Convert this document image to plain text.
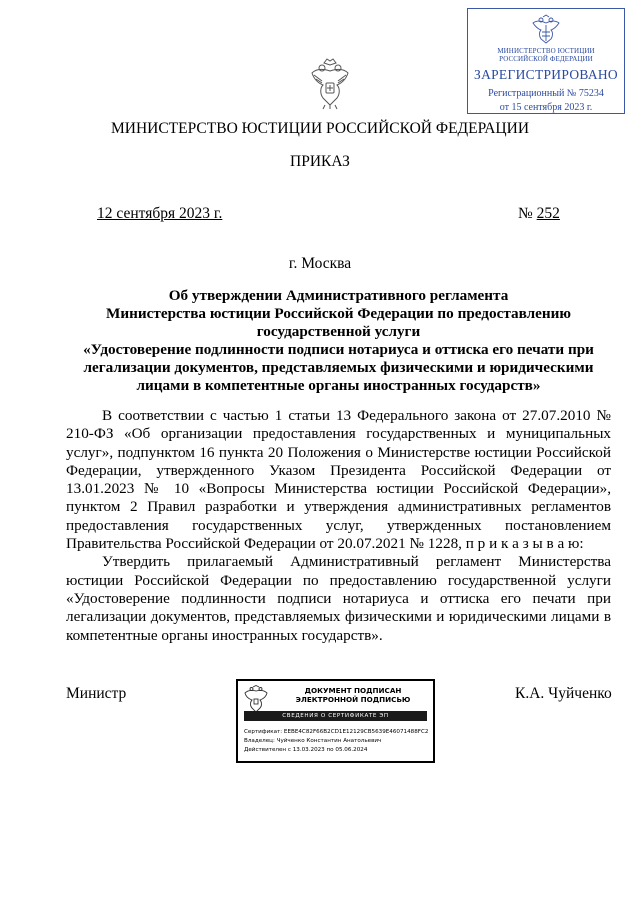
МИНИСТЕРСТВО ЮСТИЦИИ
РОССИЙСКОЙ ФЕДЕРАЦИИ
ЗАРЕГИСТРИРОВАНО
Регистрационный № 75234
от 15 сентября 2023 г.
МИНИСТЕРСТВО ЮСТИЦИИ РОССИЙСКОЙ ФЕДЕРАЦИИ
ПРИКАЗ
12 сентября 2023 г.	№ 252
г. Москва
Об утверждении Административного регламента
Министерства юстиции Российской Федерации по предоставлению
государственной услуги
«Удостоверение подлинности подписи нотариуса и оттиска его печати при
легализации документов, представляемых физическими и юридическими
лицами в компетентные органы иностранных государств»

В соответствии с частью 1 статьи 13 Федерального закона от 27.07.2010 № 210-ФЗ «Об организации предоставления государственных и муниципальных услуг», подпунктом 16 пункта 20 Положения о Министерстве юстиции Российской Федерации, утвержденного Указом Президента Российской Федерации от 13.01.2023 № 10 «Вопросы Министерства юстиции Российской Федерации», пунктом 2 Правил разработки и утверждения административных регламентов предоставления государственных услуг, утвержденных постановлением Правительства Российской Федерации от 20.07.2021 № 1228, п р и к а з ы в а ю:

Утвердить прилагаемый Административный регламент Министерства юстиции Российской Федерации по предоставлению государственной услуги «Удостоверение подлинности подписи нотариуса и оттиска его печати при легализации документов, представляемых физическими и юридическими лицами в компетентные органы иностранных государств».

Министр	ДОКУМЕНТ ПОДПИСАН
ЭЛЕКТРОННОЙ ПОДПИСЬЮ
СВЕДЕНИЯ О СЕРТИФИКАТЕ ЭП
Сертификат: EEBE4C82F66B2CD1E12129CB5639E46071488FC2
Владелец: Чуйченко Константин Анатольевич
Действителен с 13.03.2023 по 05.06.2024
К.А. Чуйченко
